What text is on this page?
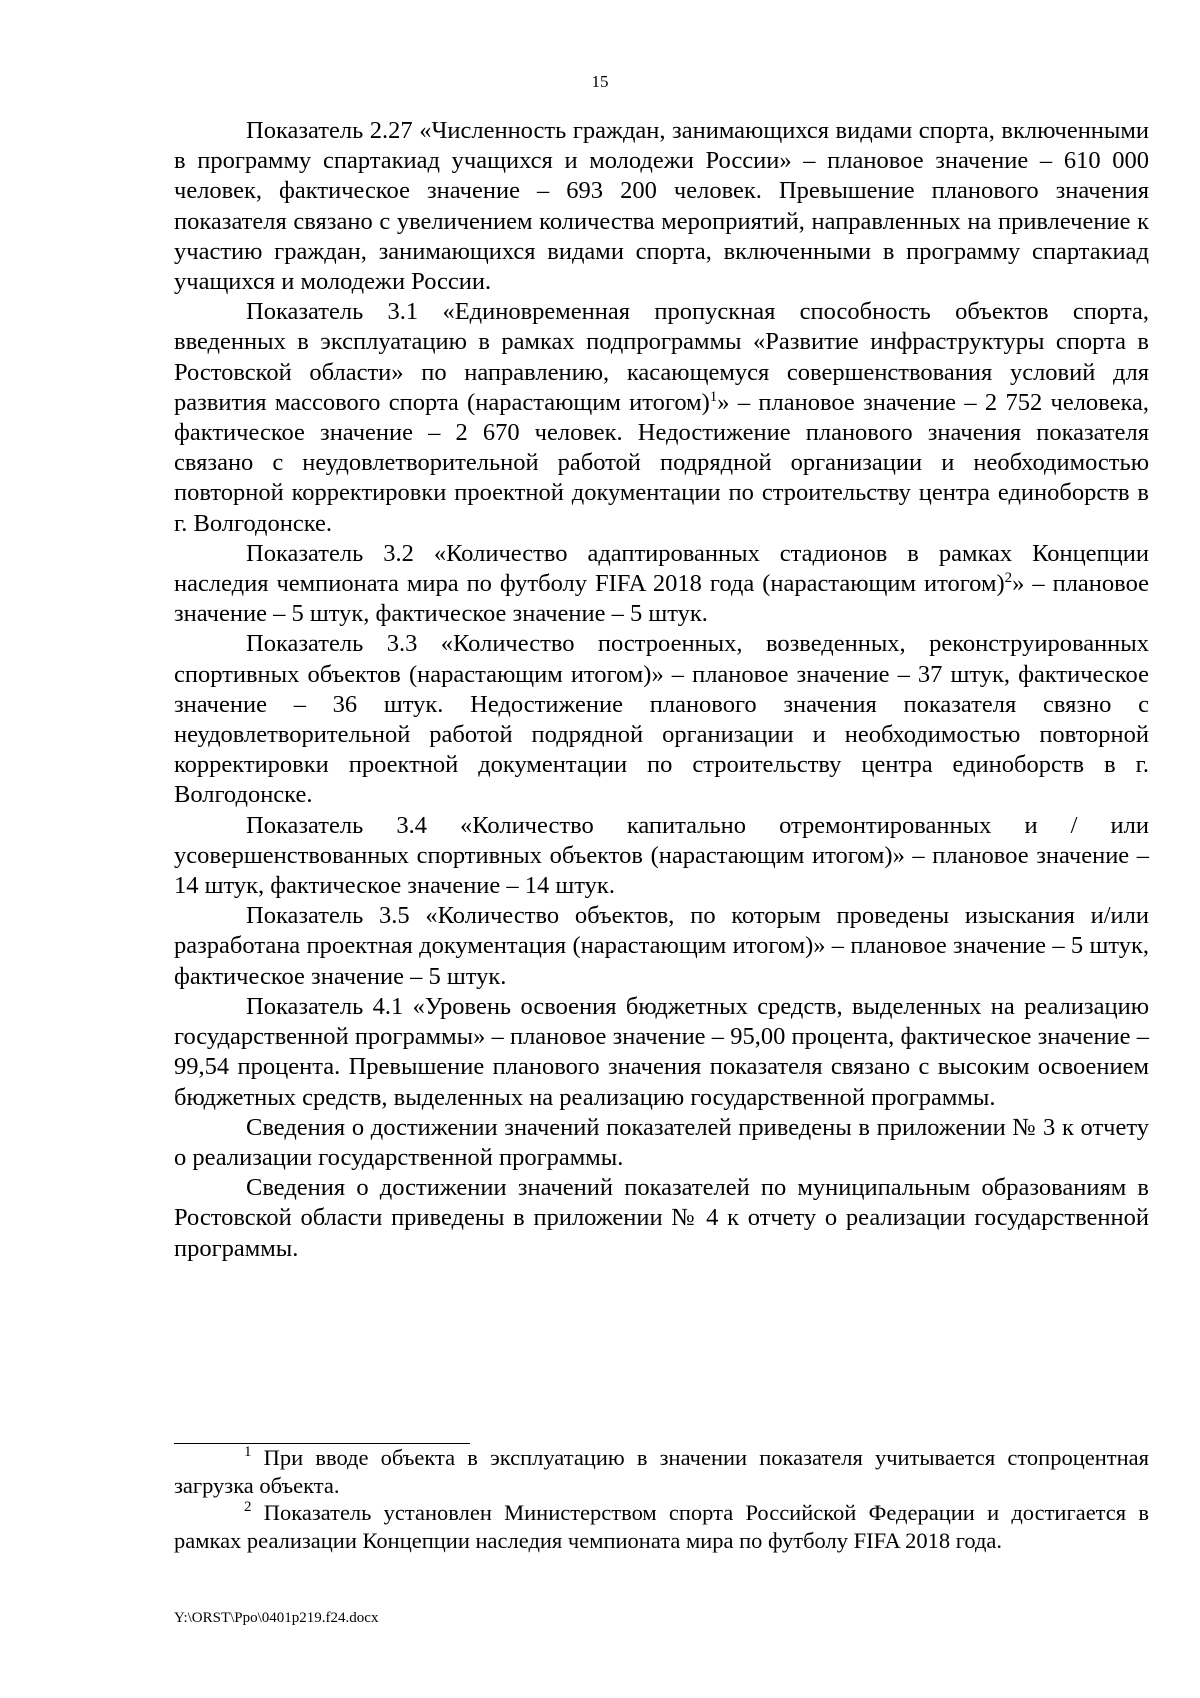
15

Показатель 2.27 «Численность граждан, занимающихся видами спорта, включенными в программу спартакиад учащихся и молодежи России» – плановое значение – 610 000 человек, фактическое значение – 693 200 человек. Превышение планового значения показателя связано с увеличением количества мероприятий, направленных на привлечение к участию граждан, занимающихся видами спорта, включенными в программу спартакиад учащихся и молодежи России.

Показатель 3.1 «Единовременная пропускная способность объектов спорта, введенных в эксплуатацию в рамках подпрограммы «Развитие инфраструктуры спорта в Ростовской области» по направлению, касающемуся совершенствования условий для развития массового спорта (нарастающим итогом)$^1$» – плановое значение – 2 752 человека, фактическое значение – 2 670 человек. Недостижение планового значения показателя связано с неудовлетворительной работой подрядной организации и необходимостью повторной корректировки проектной документации по строительству центра единоборств в г. Волгодонске.

Показатель 3.2 «Количество адаптированных стадионов в рамках Концепции наследия чемпионата мира по футболу FIFA 2018 года (нарастающим итогом)$^2$» – плановое значение – 5 штук, фактическое значение – 5 штук.

Показатель 3.3 «Количество построенных, возведенных, реконструированных спортивных объектов (нарастающим итогом)» – плановое значение – 37 штук, фактическое значение – 36 штук. Недостижение планового значения показателя связно с неудовлетворительной работой подрядной организации и необходимостью повторной корректировки проектной документации по строительству центра единоборств в г. Волгодонске.

Показатель 3.4 «Количество капитально отремонтированных и / или усовершенствованных спортивных объектов (нарастающим итогом)» – плановое значение – 14 штук, фактическое значение – 14 штук.

Показатель 3.5 «Количество объектов, по которым проведены изыскания и/или разработана проектная документация (нарастающим итогом)» – плановое значение – 5 штук, фактическое значение – 5 штук.

Показатель 4.1 «Уровень освоения бюджетных средств, выделенных на реализацию государственной программы» – плановое значение – 95,00 процента, фактическое значение – 99,54 процента. Превышение планового значения показателя связано с высоким освоением бюджетных средств, выделенных на реализацию государственной программы.

Сведения о достижении значений показателей приведены в приложении № 3 к отчету о реализации государственной программы.

Сведения о достижении значений показателей по муниципальным образованиям в Ростовской области приведены в приложении № 4 к отчету о реализации государственной программы.

$^1$ При вводе объекта в эксплуатацию в значении показателя учитывается стопроцентная загрузка объекта.

$^2$ Показатель установлен Министерством спорта Российской Федерации и достигается в рамках реализации Концепции наследия чемпионата мира по футболу FIFA 2018 года.

Y:\ORST\Ppo\0401p219.f24.docx
